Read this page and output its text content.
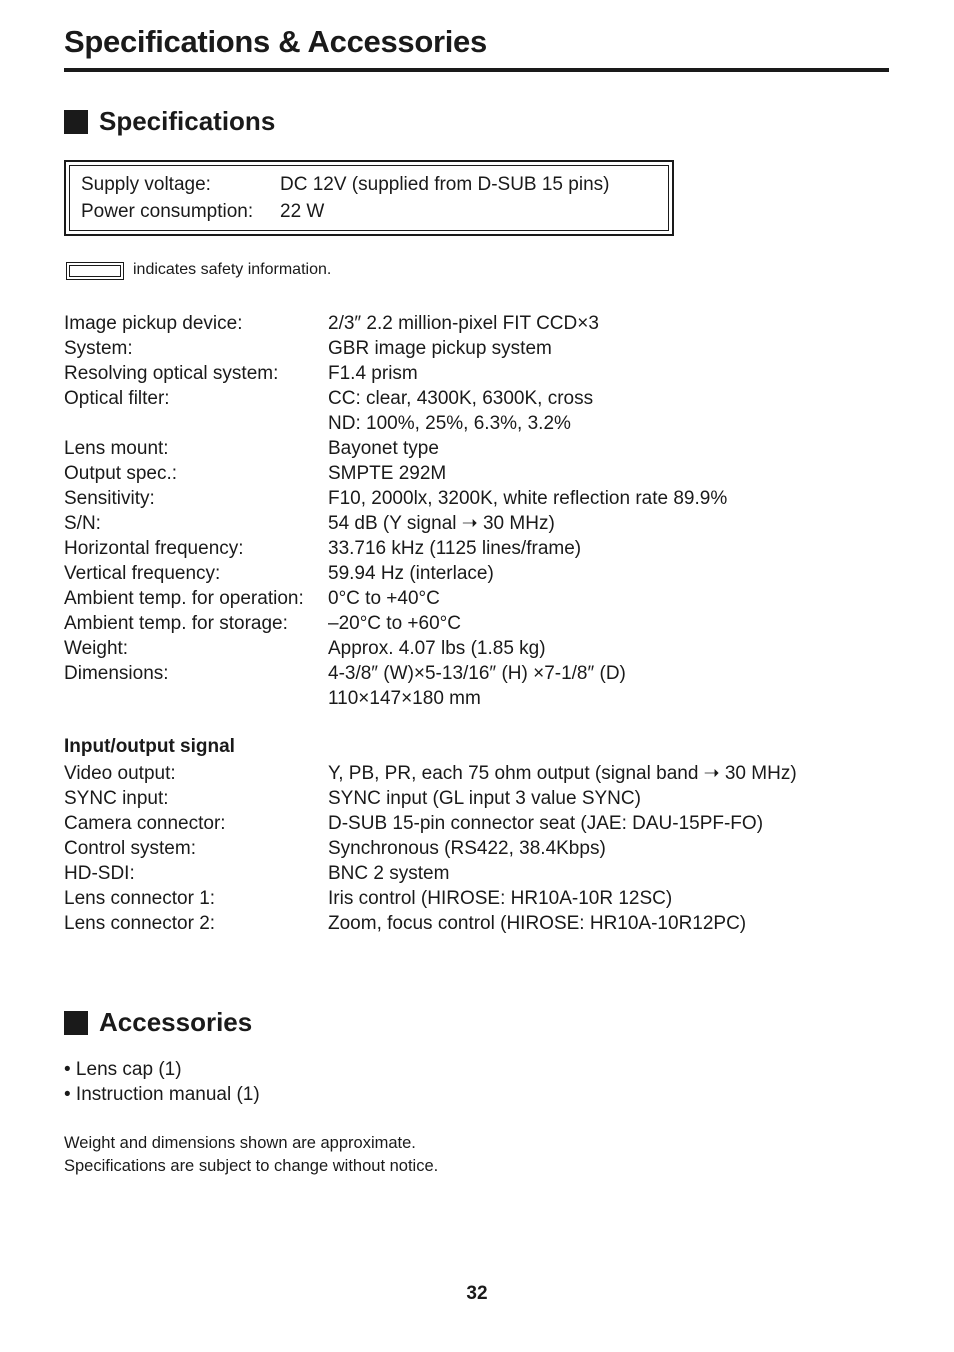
Specifications & Accessories
Specifications
Supply voltage:	DC 12V (supplied from D-SUB 15 pins)
Power consumption: 22 W
indicates safety information.
Image pickup device:	2/3″ 2.2 million-pixel FIT CCD×3
System:	GBR image pickup system
Resolving optical system:	F1.4 prism
Optical filter:	CC: clear, 4300K, 6300K, cross
ND: 100%, 25%, 6.3%, 3.2%
Lens mount:	Bayonet type
Output spec.:	SMPTE 292M
Sensitivity:	F10, 2000lx, 3200K, white reflection rate 89.9%
S/N:	54 dB (Y signal ➝ 30 MHz)
Horizontal frequency:	33.716 kHz (1125 lines/frame)
Vertical frequency:	59.94 Hz (interlace)
Ambient temp. for operation: 0°C to +40°C
Ambient temp. for storage: –20°C to +60°C
Weight:	Approx. 4.07 lbs (1.85 kg)
Dimensions:	4-3/8″ (W)×5-13/16″ (H) ×7-1/8″ (D)
110×147×180 mm
Input/output signal
Video output:	Y, PB, PR, each 75 ohm output (signal band ➝ 30 MHz)
SYNC input:	SYNC input (GL input 3 value SYNC)
Camera connector:	D-SUB 15-pin connector seat (JAE: DAU-15PF-FO)
Control system:	Synchronous (RS422, 38.4Kbps)
HD-SDI:	BNC 2 system
Lens connector 1:	Iris control (HIROSE: HR10A-10R 12SC)
Lens connector 2:	Zoom, focus control (HIROSE: HR10A-10R12PC)
Accessories
• Lens cap (1)
• Instruction manual (1)
Weight and dimensions shown are approximate.
Specifications are subject to change without notice.
32
